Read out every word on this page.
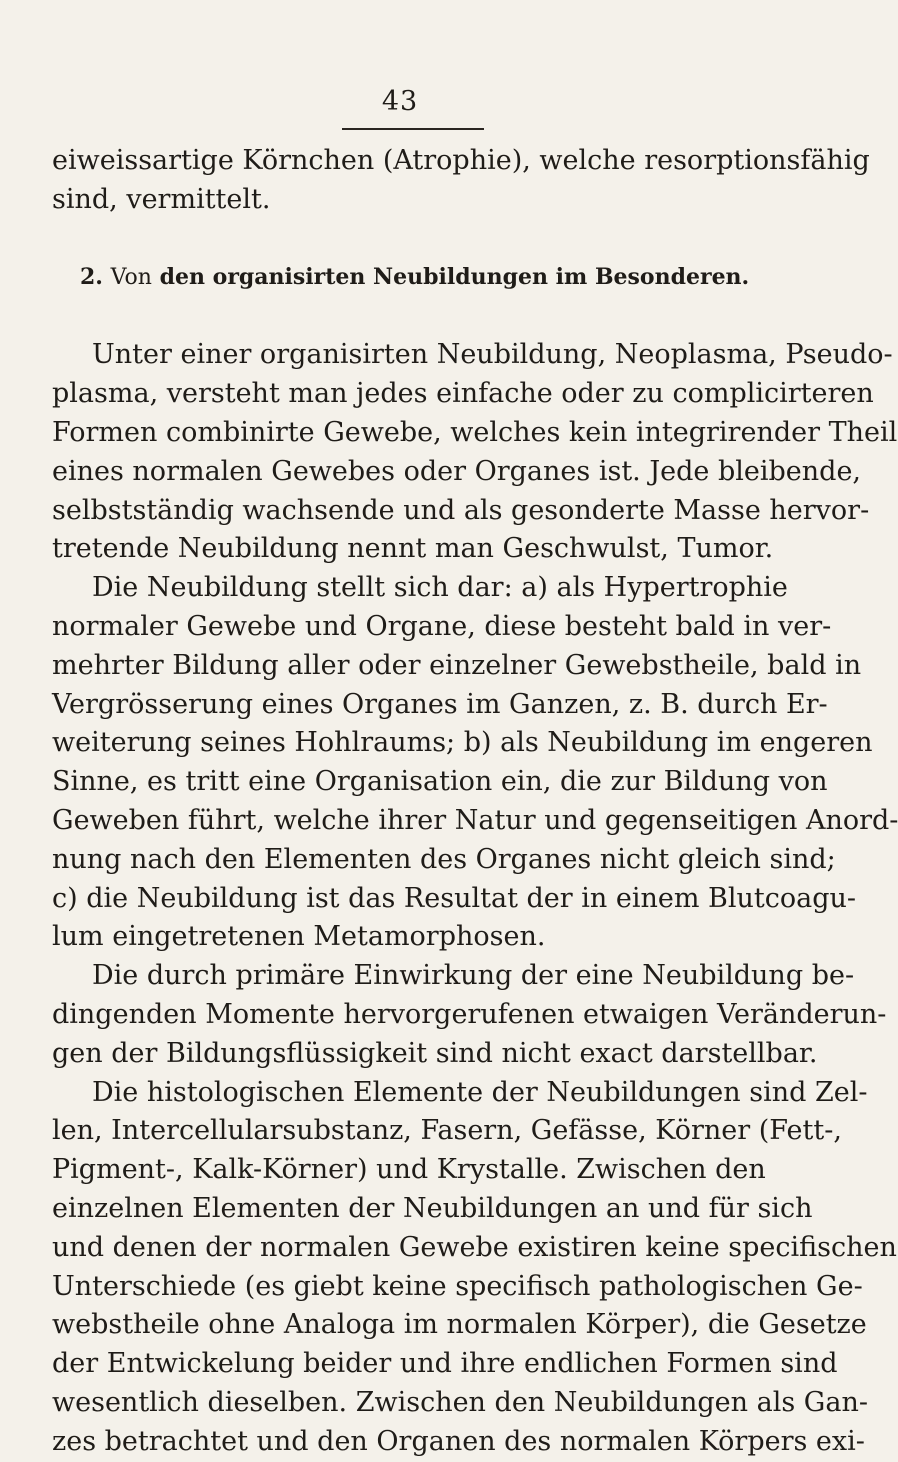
43
eiweissartige Körnchen (Atrophie), welche resorptionsfähig
sind, vermittelt.
2. Von den organisirten Neubildungen im Besonderen.
Unter einer organisirten Neubildung, Neoplasma, Pseudo-
plasma, versteht man jedes einfache oder zu complicirteren
Formen combinirte Gewebe, welches kein integrirender Theil
eines normalen Gewebes oder Organes ist. Jede bleibende,
selbstständig wachsende und als gesonderte Masse hervor-
tretende Neubildung nennt man Geschwulst, Tumor.
Die Neubildung stellt sich dar: a) als Hypertrophie
normaler Gewebe und Organe, diese besteht bald in ver-
mehrter Bildung aller oder einzelner Gewebstheile, bald in
Vergrösserung eines Organes im Ganzen, z. B. durch Er-
weiterung seines Hohlraums; b) als Neubildung im engeren
Sinne, es tritt eine Organisation ein, die zur Bildung von
Geweben führt, welche ihrer Natur und gegenseitigen Anord-
nung nach den Elementen des Organes nicht gleich sind;
c) die Neubildung ist das Resultat der in einem Blutcoagu-
lum eingetretenen Metamorphosen.
Die durch primäre Einwirkung der eine Neubildung be-
dingenden Momente hervorgerufenen etwaigen Veränderun-
gen der Bildungsflüssigkeit sind nicht exact darstellbar.
Die histologischen Elemente der Neubildungen sind Zel-
len, Intercellularsubstanz, Fasern, Gefässe, Körner (Fett-,
Pigment-, Kalk-Körner) und Krystalle. Zwischen den
einzelnen Elementen der Neubildungen an und für sich
und denen der normalen Gewebe existiren keine specifischen
Unterschiede (es giebt keine specifisch pathologischen Ge-
webstheile ohne Analoga im normalen Körper), die Gesetze
der Entwickelung beider und ihre endlichen Formen sind
wesentlich dieselben. Zwischen den Neubildungen als Gan-
zes betrachtet und den Organen des normalen Körpers exi-
